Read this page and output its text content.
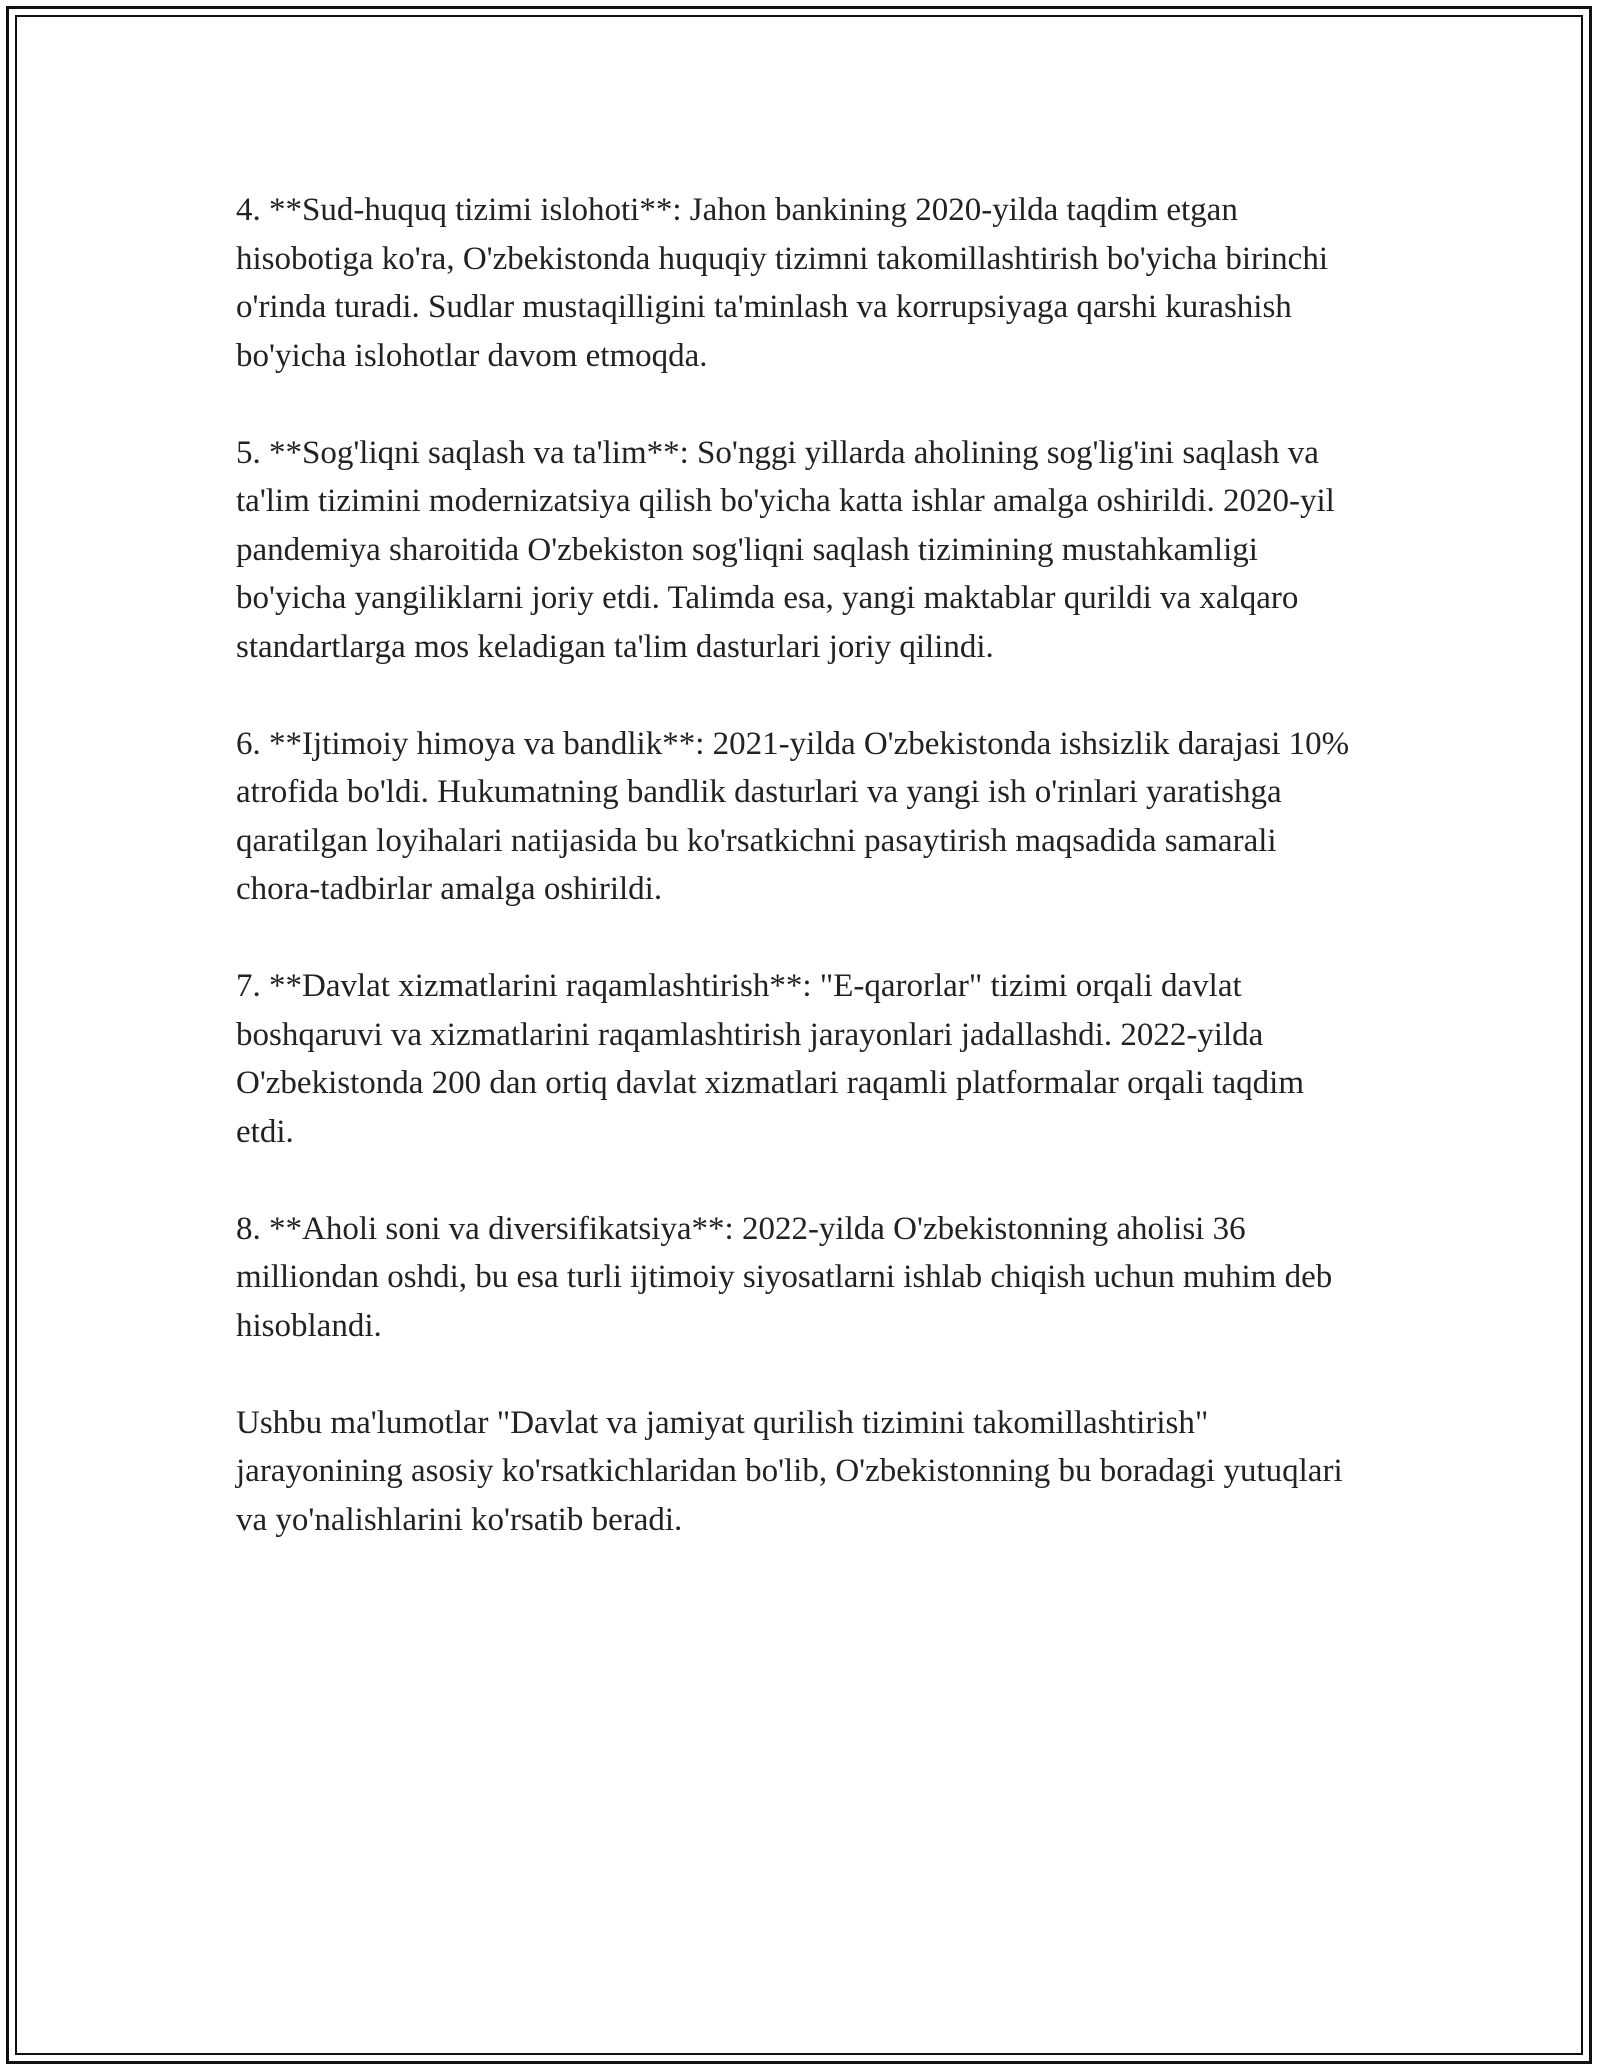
4. **Sud-huquq tizimi islohoti**: Jahon bankining 2020-yilda taqdim etgan hisobotiga ko'ra, O'zbekistonda huquqiy tizimni takomillashtirish bo'yicha birinchi o'rinda turadi. Sudlar mustaqilligini ta'minlash va korrupsiyaga qarshi kurashish bo'yicha islohotlar davom etmoqda.

5. **Sog'liqni saqlash va ta'lim**: So'nggi yillarda aholining sog'lig'ini saqlash va ta'lim tizimini modernizatsiya qilish bo'yicha katta ishlar amalga oshirildi. 2020-yil pandemiya sharoitida O'zbekiston sog'liqni saqlash tizimining mustahkamligi bo'yicha yangiliklarni joriy etdi. Talimda esa, yangi maktablar qurildi va xalqaro standartlarga mos keladigan ta'lim dasturlari joriy qilindi.

6. **Ijtimoiy himoya va bandlik**: 2021-yilda O'zbekistonda ishsizlik darajasi 10% atrofida bo'ldi. Hukumatning bandlik dasturlari va yangi ish o'rinlari yaratishga qaratilgan loyihalari natijasida bu ko'rsatkichni pasaytirish maqsadida samarali chora-tadbirlar amalga oshirildi.

7. **Davlat xizmatlarini raqamlashtirish**: "E-qarorlar" tizimi orqali davlat boshqaruvi va xizmatlarini raqamlashtirish jarayonlari jadallashdi. 2022-yilda O'zbekistonda 200 dan ortiq davlat xizmatlari raqamli platformalar orqali taqdim etdi.

8. **Aholi soni va diversifikatsiya**: 2022-yilda O'zbekistonning aholisi 36 milliondan oshdi, bu esa turli ijtimoiy siyosatlarni ishlab chiqish uchun muhim deb hisoblandi.

Ushbu ma'lumotlar "Davlat va jamiyat qurilish tizimini takomillashtirish" jarayonining asosiy ko'rsatkichlaridan bo'lib, O'zbekistonning bu boradagi yutuqlari va yo'nalishlarini ko'rsatib beradi.
